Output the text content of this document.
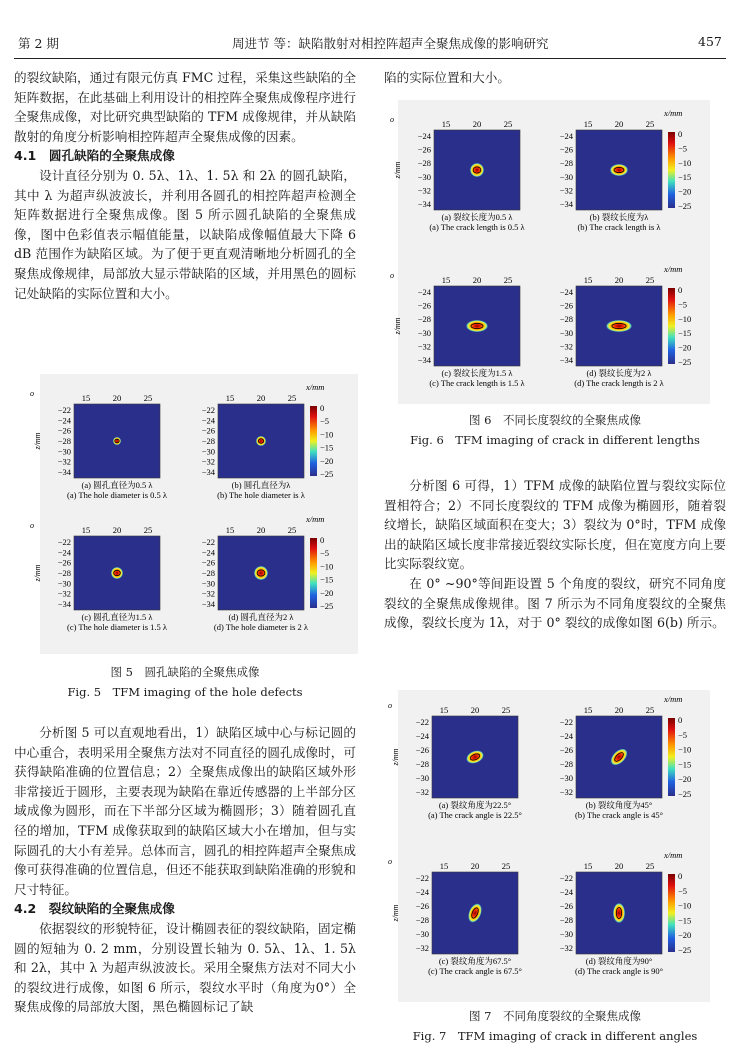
第 2 期	周进节 等：缺陷散射对相控阵超声全聚焦成像的影响研究	457

的裂纹缺陷，通过有限元仿真 FMC 过程，采集这些缺陷的全矩阵数据，在此基础上利用设计的相控阵全聚焦成像程序进行全聚焦成像，对比研究典型缺陷的 TFM 成像规律，并从缺陷散射的角度分析影响相控阵超声全聚焦成像的因素。

4.1　圆孔缺陷的全聚焦成像

设计直径分别为 0. 5λ、1λ、1. 5λ 和 2λ 的圆孔缺陷，其中 λ 为超声纵波波长，并利用各圆孔的相控阵超声检测全矩阵数据进行全聚焦成像。图 5 所示圆孔缺陷的全聚焦成像，图中色彩值表示幅值能量，以缺陷成像幅值最大下降 6 dB 范围作为缺陷区域。为了便于更直观清晰地分析圆孔的全聚焦成像规律，局部放大显示带缺陷的区域，并用黑色的圆标记处缺陷的实际位置和大小。

分析图 5 可以直观地看出，1）缺陷区域中心与标记圆的中心重合，表明采用全聚焦方法对不同直径的圆孔成像时，可获得缺陷准确的位置信息；2）全聚焦成像出的缺陷区域外形非常接近于圆形，主要表现为缺陷在靠近传感器的上半部分区域成像为圆形，而在下半部分区域为椭圆形；3）随着圆孔直径的增加，TFM 成像获取到的缺陷区域大小在增加，但与实际圆孔的大小有差异。总体而言，圆孔的相控阵超声全聚焦成像可获得准确的位置信息，但还不能获取到缺陷准确的形貌和尺寸特征。

4.2　裂纹缺陷的全聚焦成像

依据裂纹的形貌特征，设计椭圆表征的裂纹缺陷，固定椭圆的短轴为 0. 2 mm，分别设置长轴为 0. 5λ、1λ、1. 5λ 和 2λ，其中 λ 为超声纵波波长。采用全聚焦方法对不同大小的裂纹进行成像，如图 6 所示，裂纹水平时（角度为0°）全聚焦成像的局部放大图，黑色椭圆标记了缺

陷的实际位置和大小。

分析图 6 可得，1）TFM 成像的缺陷位置与裂纹实际位置相符合；2）不同长度裂纹的 TFM 成像为椭圆形，随着裂纹增长，缺陷区域面积在变大；3）裂纹为 0°时，TFM 成像出的缺陷区域长度非常接近裂纹实际长度，但在宽度方向上要比实际裂纹宽。

在 0° ~90°等间距设置 5 个角度的裂纹，研究不同角度裂纹的全聚焦成像规律。图 7 所示为不同角度裂纹的全聚焦成像，裂纹长度为 1λ，对于 0° 裂纹的成像如图 6(b) 所示。

o	15	20	25
−22
−24
−26
−28
−30
−32
−34
z/mm
(a) 圆孔直径为0.5 λ
(a) The hole diameter is 0.5 λ
x/mm
15	20	25
−22
−24
−26
−28
−30
−32
−34
(b) 圆孔直径为λ
(b) The hole diameter is λ
0
−5
−10
−15
−20
−25
o	15	20	25
−22
−24
−26
−28
−30
−32
−34
z/mm
(c) 圆孔直径为1.5 λ
(c) The hole diameter is 1.5 λ
x/mm
15	20	25
−22
−24
−26
−28
−30
−32
−34
(d) 圆孔直径为2 λ
(d) The hole diameter is 2 λ
0
−5
−10
−15
−20
−25
图 5　圆孔缺陷的全聚焦成像
Fig. 5　TFM imaging of the hole defects
o	15	20	25
−24
−26
−28
−30
−32
−34
z/mm
(a) 裂纹长度为0.5 λ
(a) The crack length is 0.5 λ
x/mm
15	20	25
−24
−26
−28
−30
−32
−34
(b) 裂纹长度为λ
(b) The crack length is λ
0
−5
−10
−15
−20
−25
o	15	20	25
−24
−26
−28
−30
−32
−34
z/mm
(c) 裂纹长度为1.5 λ
(c) The crack length is 1.5 λ
x/mm
15	20	25
−24
−26
−28
−30
−32
−34
(d) 裂纹长度为2 λ
(d) The crack length is 2 λ
0
−5
−10
−15
−20
−25
图 6　不同长度裂纹的全聚焦成像
Fig. 6　TFM imaging of crack in different lengths
o	15	20	25
−22
−24
−26
−28
−30
−32
z/mm
(a) 裂纹角度为22.5°
(a) The crack angle is 22.5°
x/mm
15	20	25
−22
−24
−26
−28
−30
−32
(b) 裂纹角度为45°
(b) The crack angle is 45°
0
−5
−10
−15
−20
−25
o	15	20	25
−22
−24
−26
−28
−30
−32
z/mm
(c) 裂纹角度为67.5°
(c) The crack angle is 67.5°
x/mm
15	20	25
−22
−24
−26
−28
−30
−32
(d) 裂纹角度为90°
(d) The crack angle is 90°
0
−5
−10
−15
−20
−25
图 7　不同角度裂纹的全聚焦成像
Fig. 7　TFM imaging of crack in different angles
